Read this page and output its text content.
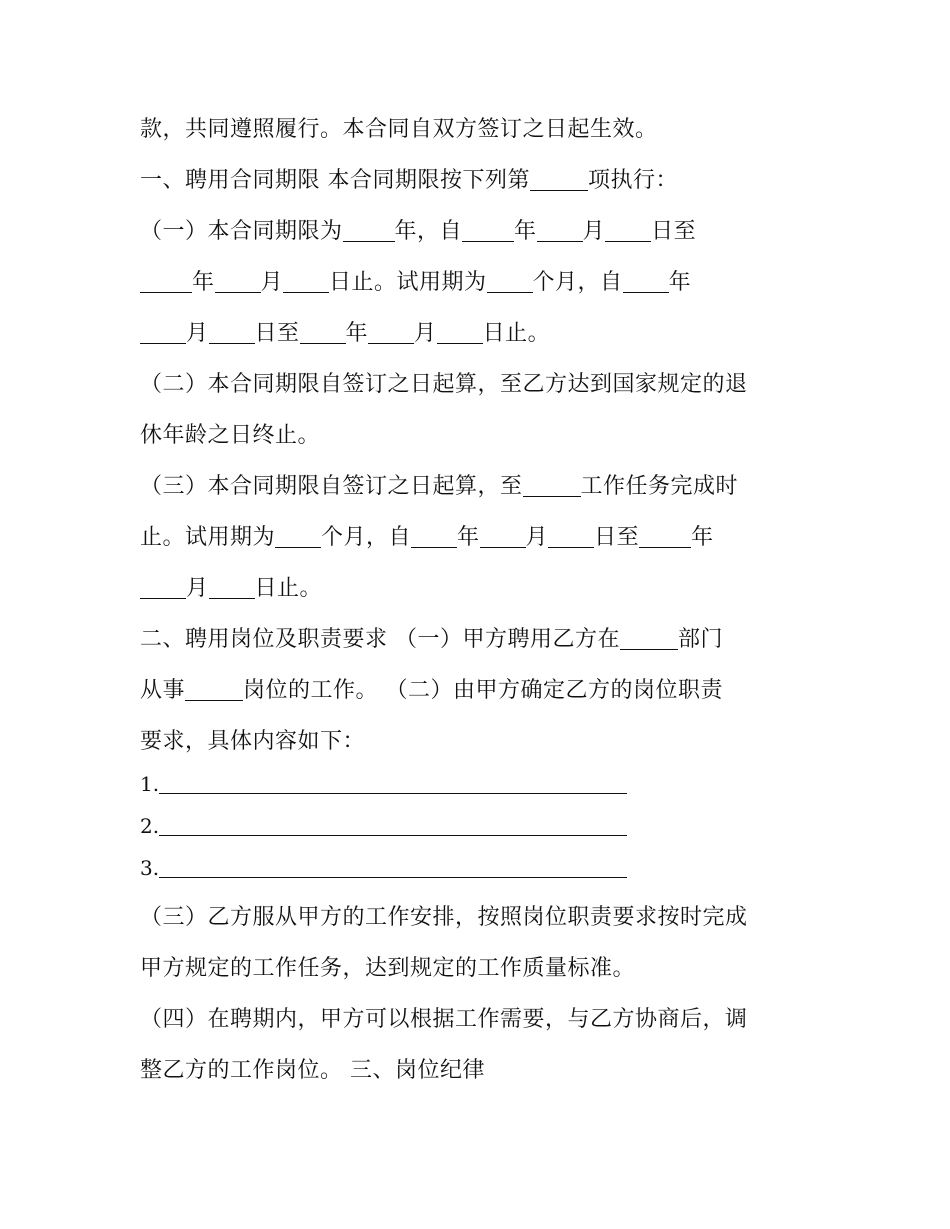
款，共同遵照履行。本合同自双方签订之日起生效。
一、聘用合同期限 本合同期限按下列第	项执行：
（一）本合同期限为 年，自 年 月 日至
年 月 日止。试用期为 个月，自 年
月 日至 年 月 日止。
（二）本合同期限自签订之日起算，至乙方达到国家规定的退
休年龄之日终止。
（三）本合同期限自签订之日起算，至	工作任务完成时
止。试用期为 个月，自 年 月 日至 年
月 日止。
二、聘用岗位及职责要求 （一）甲方聘用乙方在	部门
从事	岗位的工作。 （二）由甲方确定乙方的岗位职责
要求，具体内容如下：
1.
2.
3.
（三）乙方服从甲方的工作安排，按照岗位职责要求按时完成
甲方规定的工作任务，达到规定的工作质量标准。
（四）在聘期内，甲方可以根据工作需要，与乙方协商后，调
整乙方的工作岗位。 三、岗位纪律
